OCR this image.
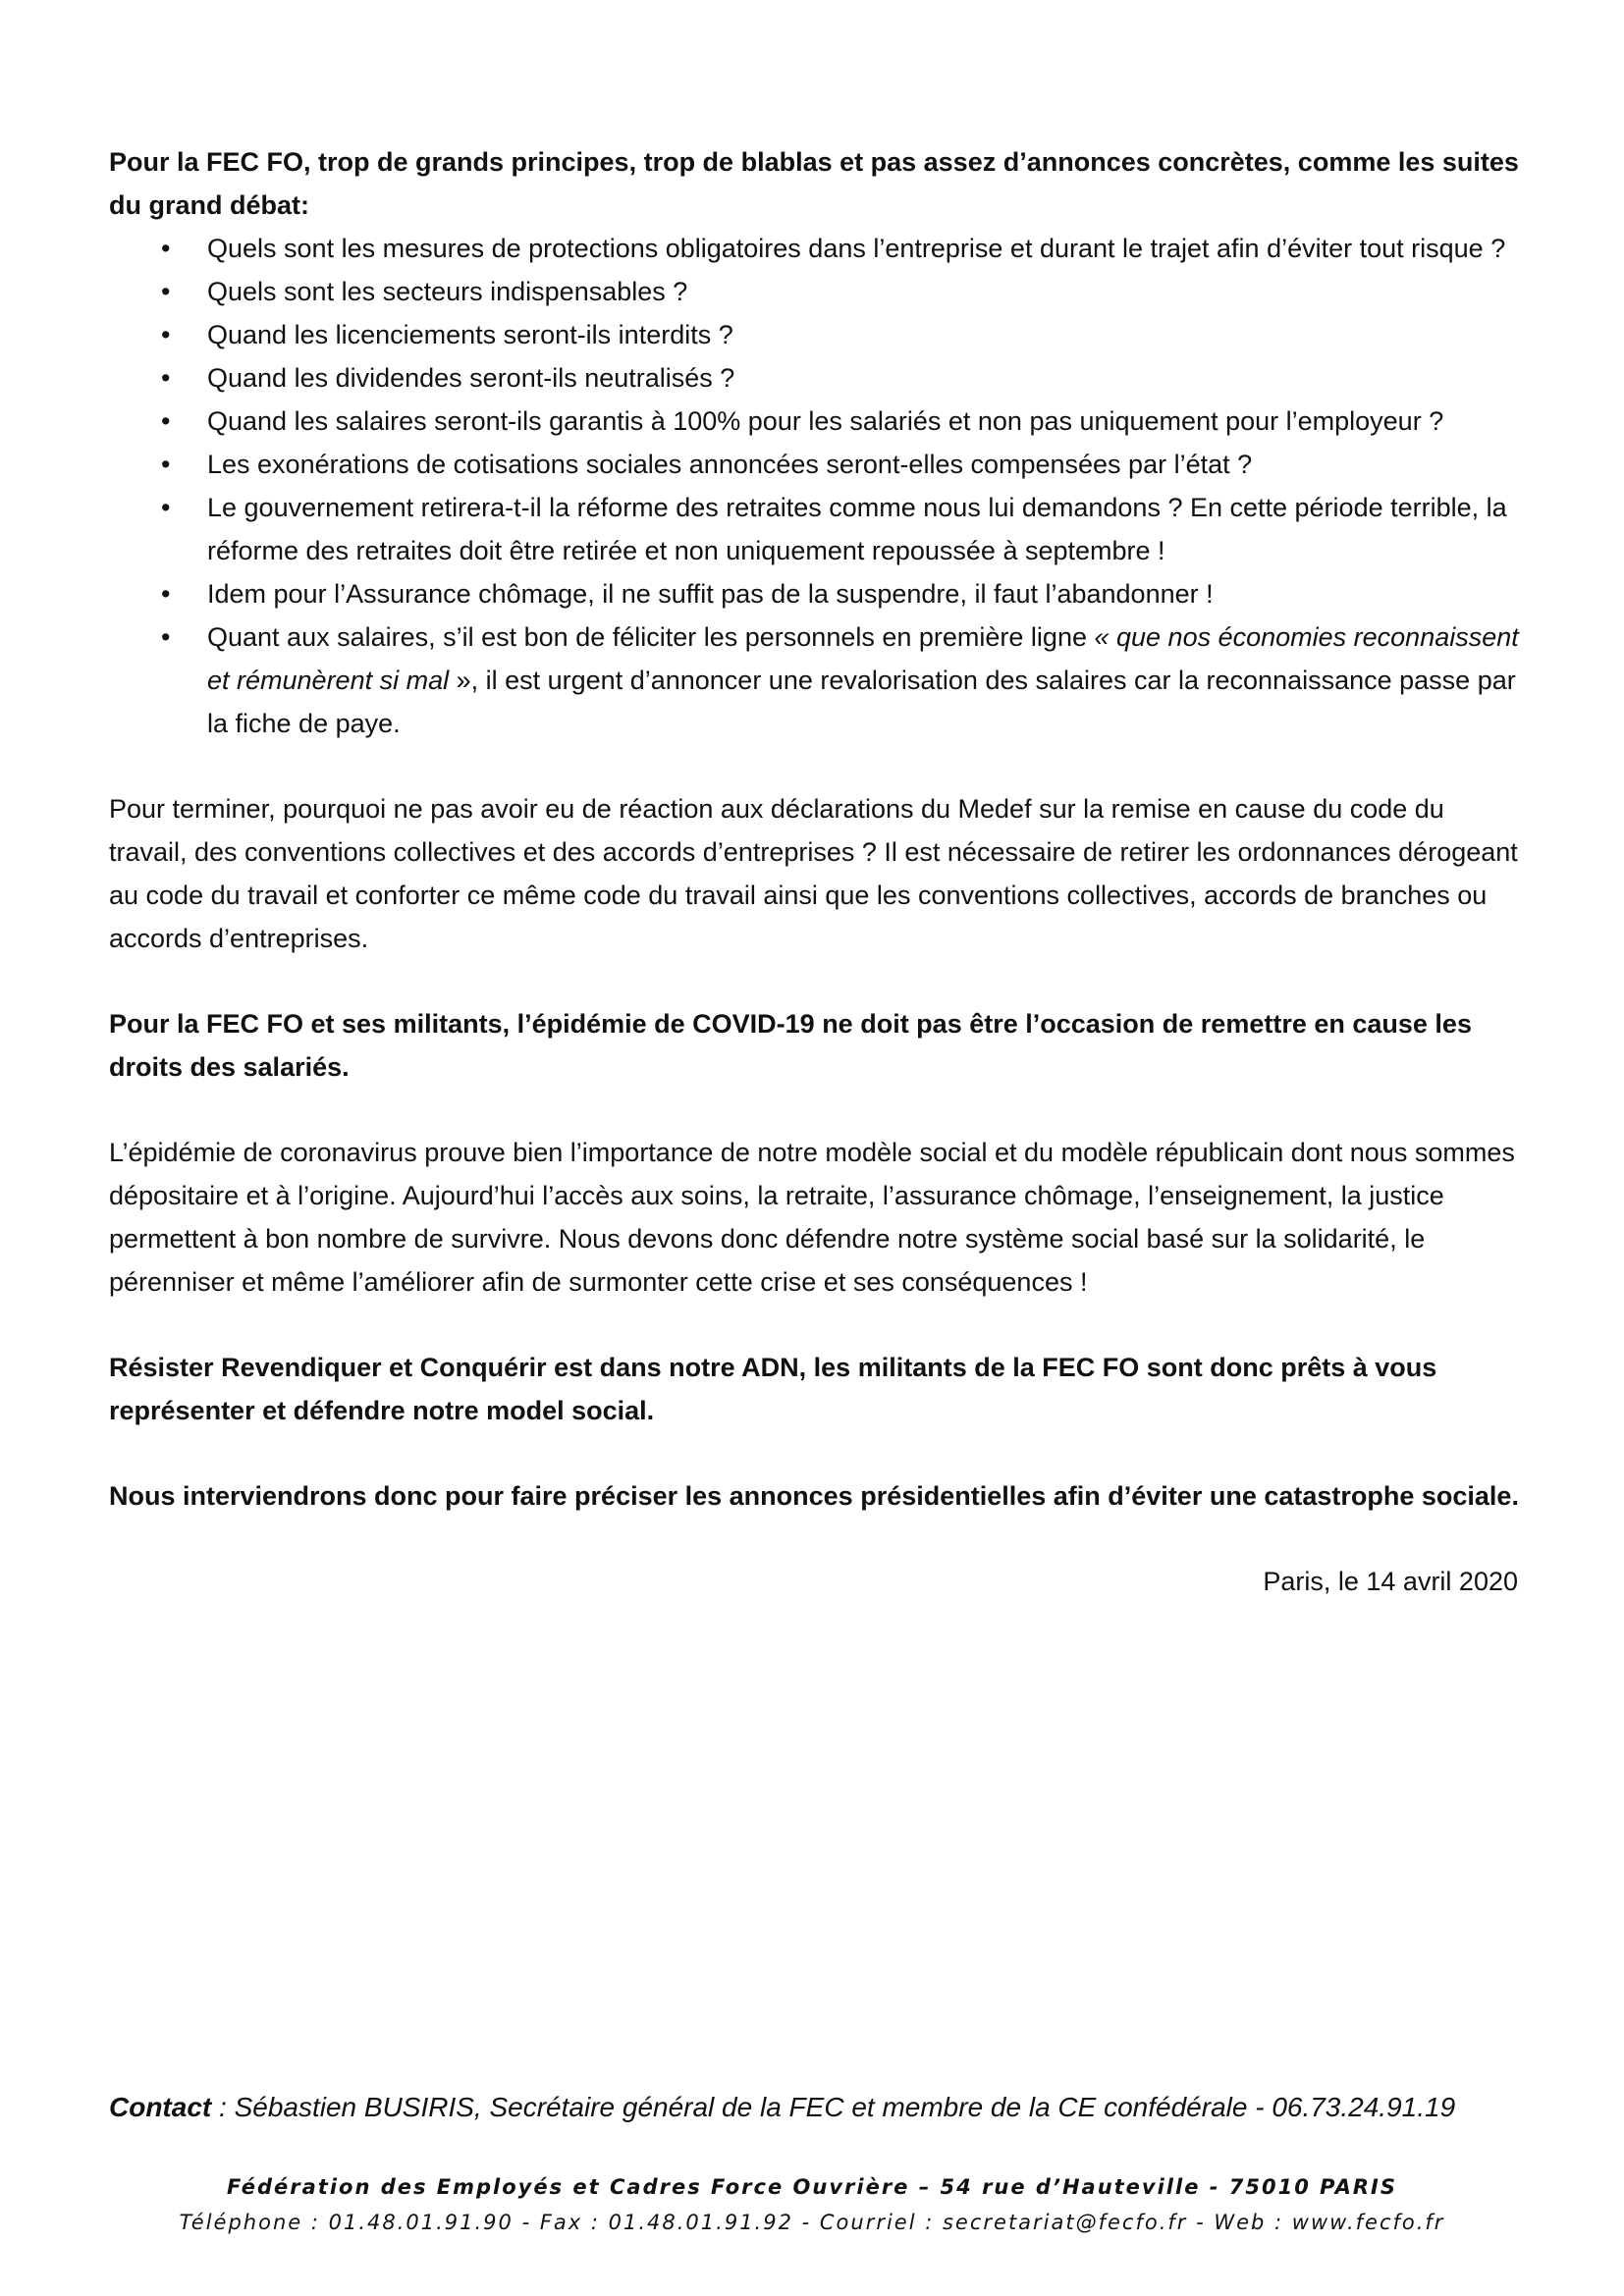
Pour la FEC FO, trop de grands principes, trop de blablas et pas assez d’annonces concrètes, comme les suites du grand débat:

• Quels sont les mesures de protections obligatoires dans l’entreprise et durant le trajet afin d’éviter tout risque ?
• Quels sont les secteurs indispensables ?
• Quand les licenciements seront-ils interdits ?
• Quand les dividendes seront-ils neutralisés ?
• Quand les salaires seront-ils garantis à 100% pour les salariés et non pas uniquement pour l’employeur ?
• Les exonérations de cotisations sociales annoncées seront-elles compensées par l’état ?
• Le gouvernement retirera-t-il la réforme des retraites comme nous lui demandons ? En cette période terrible, la réforme des retraites doit être retirée et non uniquement repoussée à septembre !
• Idem pour l’Assurance chômage, il ne suffit pas de la suspendre, il faut l’abandonner !
• Quant aux salaires, s’il est bon de féliciter les personnels en première ligne « que nos économies reconnaissent et rémunèrent si mal », il est urgent d’annoncer une revalorisation des salaires car la reconnaissance passe par la fiche de paye.

Pour terminer, pourquoi ne pas avoir eu de réaction aux déclarations du Medef sur la remise en cause du code du travail, des conventions collectives et des accords d’entreprises ? Il est nécessaire de retirer les ordonnances dérogeant au code du travail et conforter ce même code du travail ainsi que les conventions collectives, accords de branches ou accords d’entreprises.

Pour la FEC FO et ses militants, l’épidémie de COVID-19 ne doit pas être l’occasion de remettre en cause les droits des salariés.

L’épidémie de coronavirus prouve bien l’importance de notre modèle social et du modèle républicain dont nous sommes dépositaire et à l’origine. Aujourd’hui l’accès aux soins, la retraite, l’assurance chômage, l’enseignement, la justice permettent à bon nombre de survivre. Nous devons donc défendre notre système social basé sur la solidarité, le pérenniser et même l’améliorer afin de surmonter cette crise et ses conséquences !

Résister Revendiquer et Conquérir est dans notre ADN, les militants de la FEC FO sont donc prêts à vous représenter et défendre notre model social.

Nous interviendrons donc pour faire préciser les annonces présidentielles afin d’éviter une catastrophe sociale.

Paris, le 14 avril 2020

Contact : Sébastien BUSIRIS, Secrétaire général de la FEC et membre de la CE confédérale - 06.73.24.91.19
Fédération des Employés et Cadres Force Ouvrière – 54 rue d’Hauteville - 75010 PARIS
Téléphone : 01.48.01.91.90 - Fax : 01.48.01.91.92 - Courriel : secretariat@fecfo.fr - Web : www.fecfo.fr
